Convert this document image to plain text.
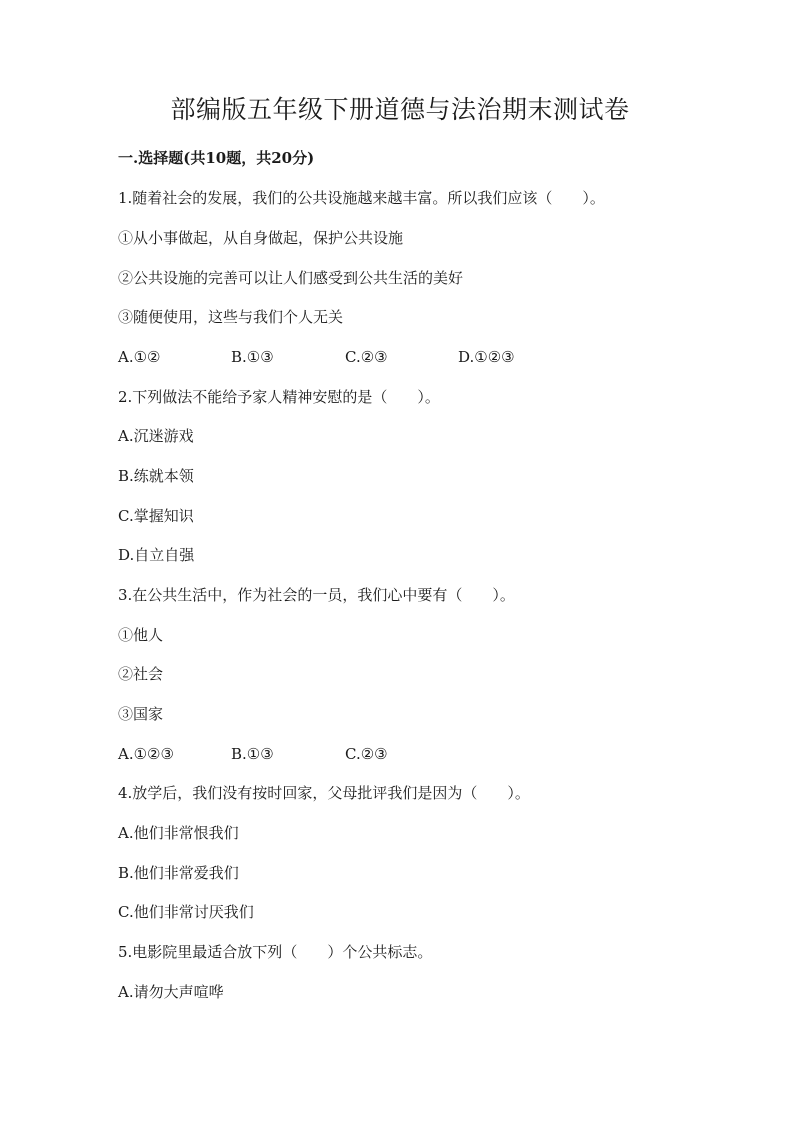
部编版五年级下册道德与法治期末测试卷

一.选择题(共10题，共20分)

1.随着社会的发展，我们的公共设施越来越丰富。所以我们应该（　　）。

①从小事做起，从自身做起，保护公共设施

②公共设施的完善可以让人们感受到公共生活的美好

③随便使用，这些与我们个人无关

A.①②	B.①③	C.②③	D.①②③

2.下列做法不能给予家人精神安慰的是（　　）。

A.沉迷游戏

B.练就本领

C.掌握知识

D.自立自强

3.在公共生活中，作为社会的一员，我们心中要有（　　）。

①他人

②社会

③国家

A.①②③	B.①③	C.②③

4.放学后，我们没有按时回家，父母批评我们是因为（　　）。

A.他们非常恨我们

B.他们非常爱我们

C.他们非常讨厌我们

5.电影院里最适合放下列（　　）个公共标志。

A.请勿大声喧哗
